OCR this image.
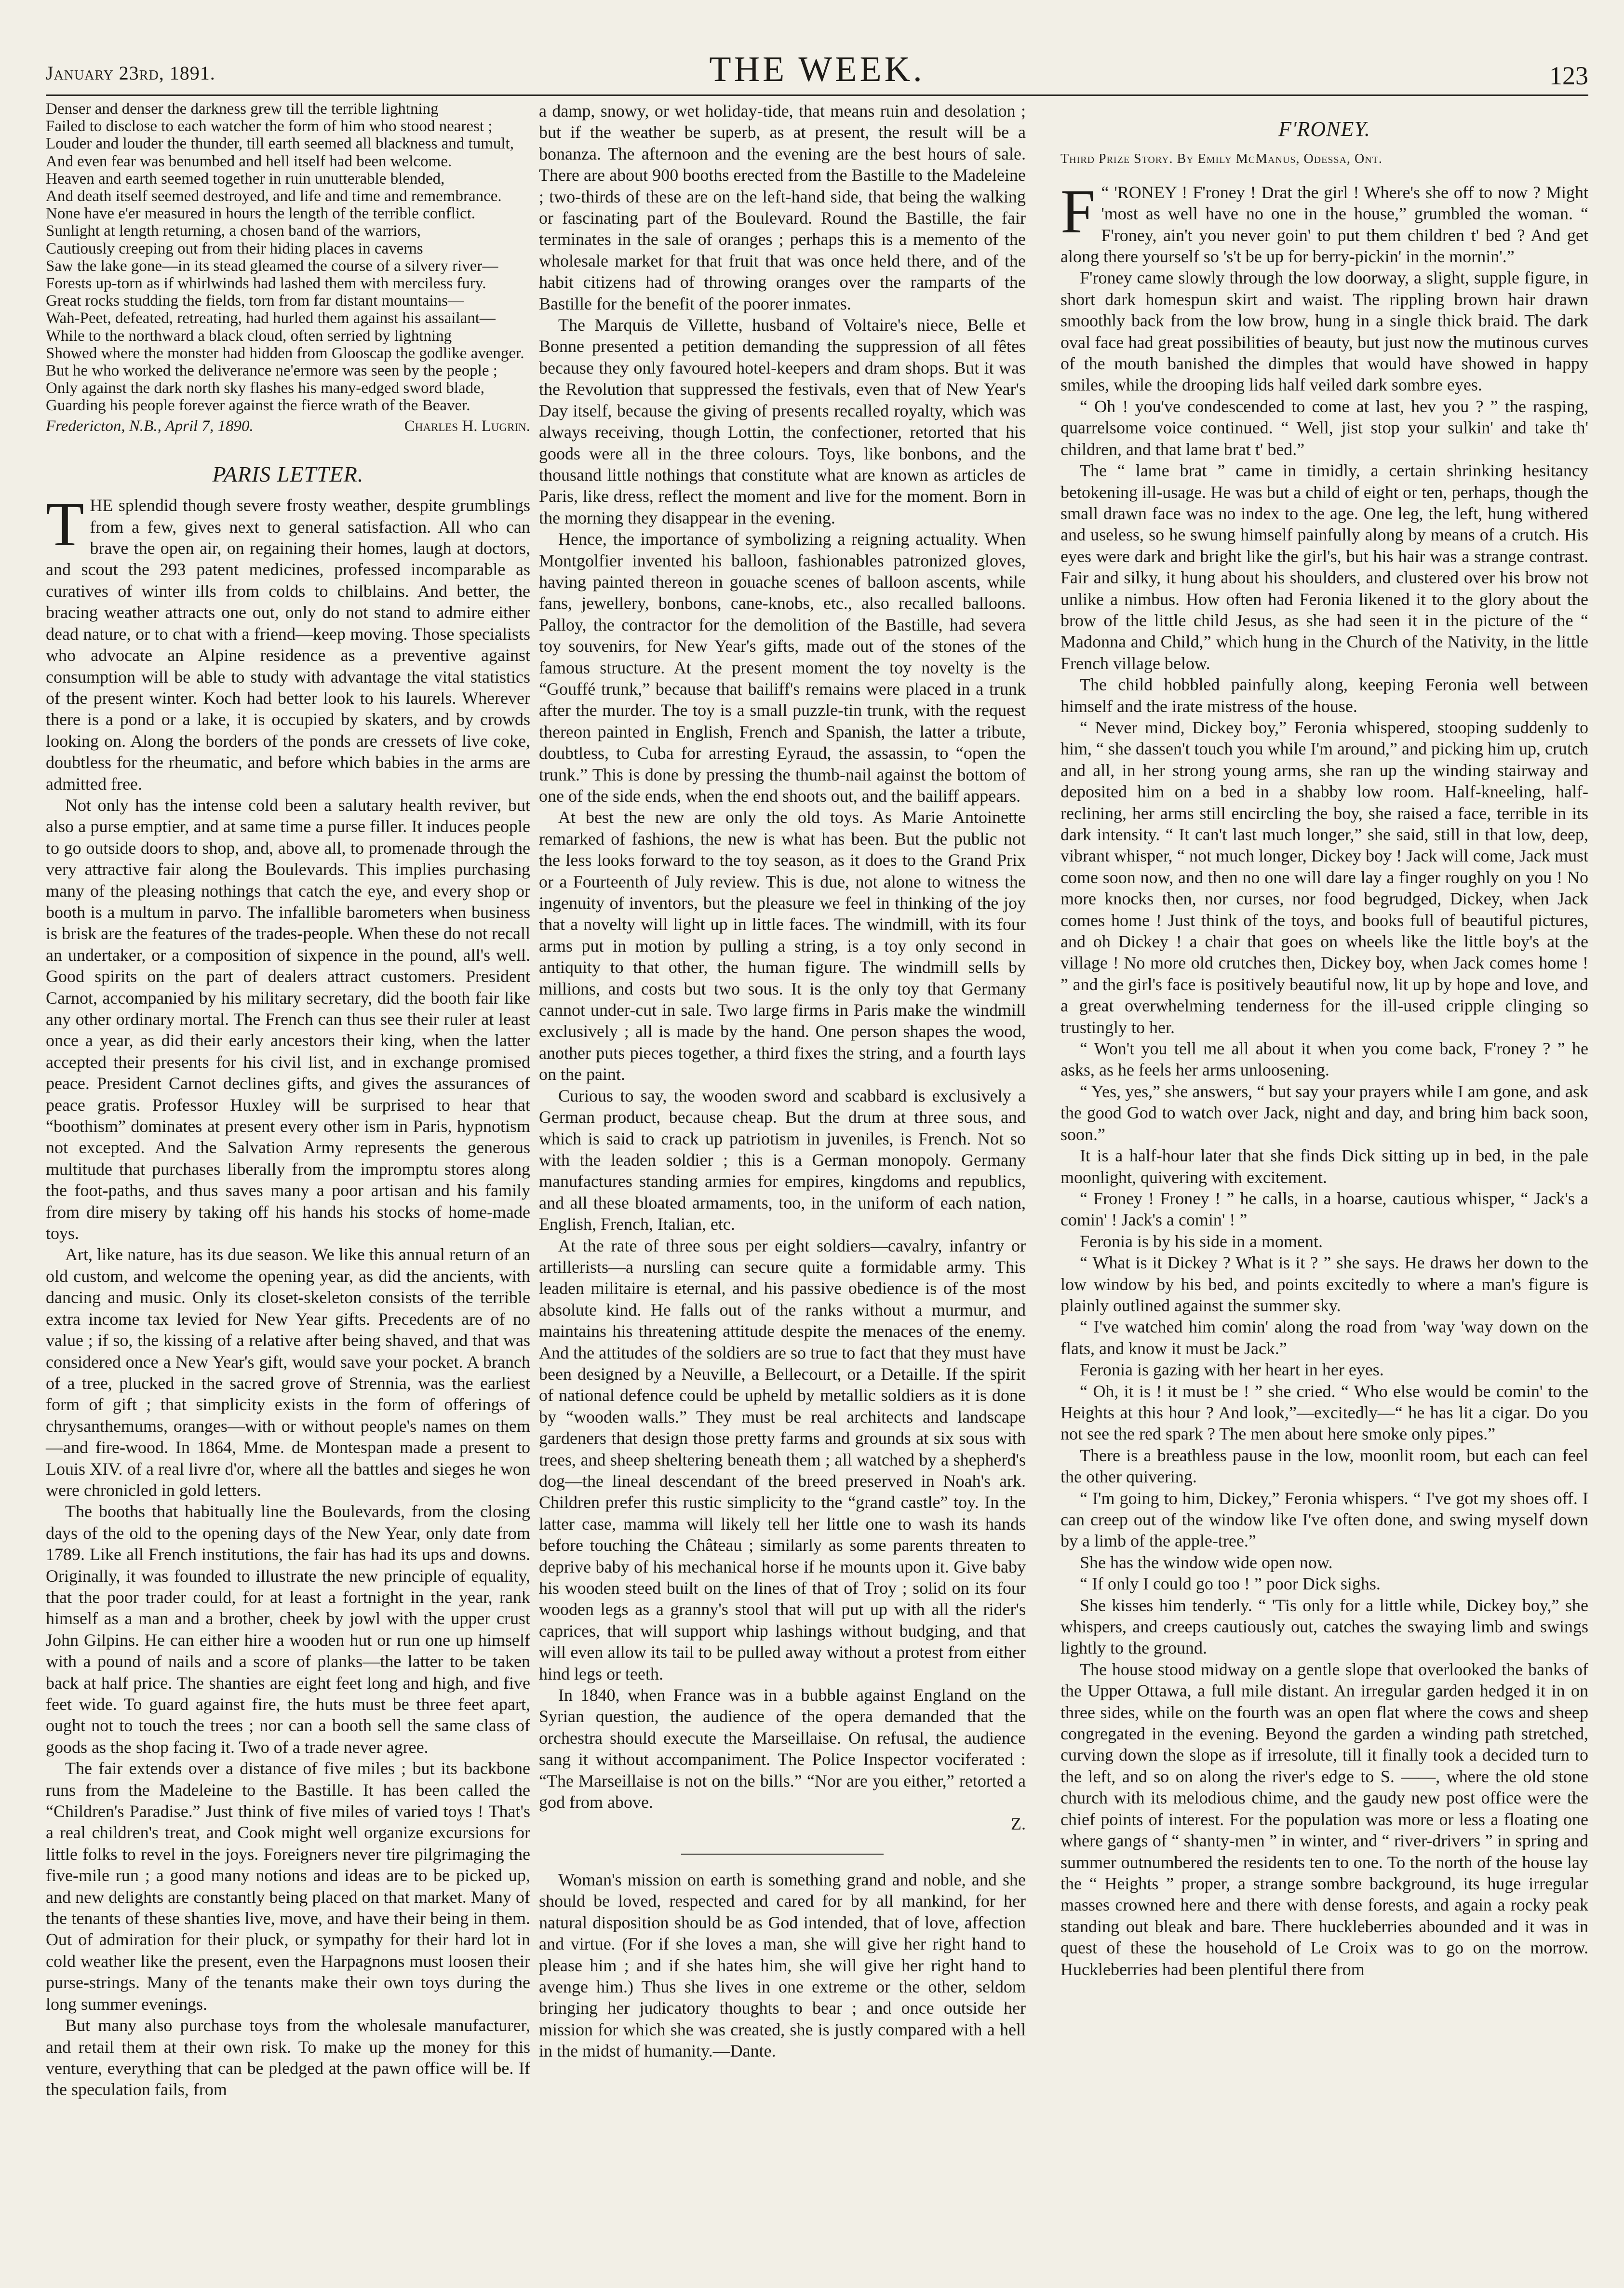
January 23rd, 1891.	THE WEEK.	123
Denser and denser the darkness grew till the terrible lightning
Failed to disclose to each watcher the form of him who stood nearest ;
Louder and louder the thunder, till earth seemed all blackness and tumult,
And even fear was benumbed and hell itself had been welcome.
Heaven and earth seemed together in ruin unutterable blended,
And death itself seemed destroyed, and life and time and remembrance.
None have e'er measured in hours the length of the terrible conflict.
Sunlight at length returning, a chosen band of the warriors,
Cautiously creeping out from their hiding places in caverns
Saw the lake gone—in its stead gleamed the course of a silvery river—
Forests up-torn as if whirlwinds had lashed them with merciless fury.
Great rocks studding the fields, torn from far distant mountains—
Wah-Peet, defeated, retreating, had hurled them against his assailant—
While to the northward a black cloud, often serried by lightning
Showed where the monster had hidden from Glooscap the godlike avenger.
But he who worked the deliverance ne'ermore was seen by the people ;
Only against the dark north sky flashes his many-edged sword blade,
Guarding his people forever against the fierce wrath of the Beaver.
Fredericton, N.B., April 7, 1890.	Charles H. Lugrin.
PARIS LETTER.

THE splendid though severe frosty weather, despite grumblings from a few, gives next to general satisfaction. All who can brave the open air, on regaining their homes, laugh at doctors, and scout the 293 patent medicines, professed incomparable as curatives of winter ills from colds to chilblains. And better, the bracing weather attracts one out, only do not stand to admire either dead nature, or to chat with a friend—keep moving. Those specialists who advocate an Alpine residence as a preventive against consumption will be able to study with advantage the vital statistics of the present winter. Koch had better look to his laurels. Wherever there is a pond or a lake, it is occupied by skaters, and by crowds looking on. Along the borders of the ponds are cressets of live coke, doubtless for the rheumatic, and before which babies in the arms are admitted free.

Not only has the intense cold been a salutary health reviver, but also a purse emptier, and at same time a purse filler. It induces people to go outside doors to shop, and, above all, to promenade through the very attractive fair along the Boulevards. This implies purchasing many of the pleasing nothings that catch the eye, and every shop or booth is a multum in parvo. The infallible barometers when business is brisk are the features of the trades-people. When these do not recall an undertaker, or a composition of sixpence in the pound, all's well. Good spirits on the part of dealers attract customers. President Carnot, accompanied by his military secretary, did the booth fair like any other ordinary mortal. The French can thus see their ruler at least once a year, as did their early ancestors their king, when the latter accepted their presents for his civil list, and in exchange promised peace. President Carnot declines gifts, and gives the assurances of peace gratis. Professor Huxley will be surprised to hear that “boothism” dominates at present every other ism in Paris, hypnotism not excepted. And the Salvation Army represents the generous multitude that purchases liberally from the impromptu stores along the foot-paths, and thus saves many a poor artisan and his family from dire misery by taking off his hands his stocks of home-made toys.

Art, like nature, has its due season. We like this annual return of an old custom, and welcome the opening year, as did the ancients, with dancing and music. Only its closet-skeleton consists of the terrible extra income tax levied for New Year gifts. Precedents are of no value ; if so, the kissing of a relative after being shaved, and that was considered once a New Year's gift, would save your pocket. A branch of a tree, plucked in the sacred grove of Strennia, was the earliest form of gift ; that simplicity exists in the form of offerings of chrysanthemums, oranges—with or without people's names on them—and fire-wood. In 1864, Mme. de Montespan made a present to Louis XIV. of a real livre d'or, where all the battles and sieges he won were chronicled in gold letters.

The booths that habitually line the Boulevards, from the closing days of the old to the opening days of the New Year, only date from 1789. Like all French institutions, the fair has had its ups and downs. Originally, it was founded to illustrate the new principle of equality, that the poor trader could, for at least a fortnight in the year, rank himself as a man and a brother, cheek by jowl with the upper crust John Gilpins. He can either hire a wooden hut or run one up himself with a pound of nails and a score of planks—the latter to be taken back at half price. The shanties are eight feet long and high, and five feet wide. To guard against fire, the huts must be three feet apart, ought not to touch the trees ; nor can a booth sell the same class of goods as the shop facing it. Two of a trade never agree.

The fair extends over a distance of five miles ; but its backbone runs from the Madeleine to the Bastille. It has been called the “Children's Paradise.” Just think of five miles of varied toys ! That's a real children's treat, and Cook might well organize excursions for little folks to revel in the joys. Foreigners never tire pilgrimaging the five-mile run ; a good many notions and ideas are to be picked up, and new delights are constantly being placed on that market. Many of the tenants of these shanties live, move, and have their being in them. Out of admiration for their pluck, or sympathy for their hard lot in cold weather like the present, even the Harpagnons must loosen their purse-strings. Many of the tenants make their own toys during the long summer evenings.

But many also purchase toys from the wholesale manufacturer, and retail them at their own risk. To make up the money for this venture, everything that can be pledged at the pawn office will be. If the speculation fails, from

a damp, snowy, or wet holiday-tide, that means ruin and desolation ; but if the weather be superb, as at present, the result will be a bonanza. The afternoon and the evening are the best hours of sale. There are about 900 booths erected from the Bastille to the Madeleine ; two-thirds of these are on the left-hand side, that being the walking or fascinating part of the Boulevard. Round the Bastille, the fair terminates in the sale of oranges ; perhaps this is a memento of the wholesale market for that fruit that was once held there, and of the habit citizens had of throwing oranges over the ramparts of the Bastille for the benefit of the poorer inmates.

The Marquis de Villette, husband of Voltaire's niece, Belle et Bonne presented a petition demanding the suppression of all fêtes because they only favoured hotel-keepers and dram shops. But it was the Revolution that suppressed the festivals, even that of New Year's Day itself, because the giving of presents recalled royalty, which was always receiving, though Lottin, the confectioner, retorted that his goods were all in the three colours. Toys, like bonbons, and the thousand little nothings that constitute what are known as articles de Paris, like dress, reflect the moment and live for the moment. Born in the morning they disappear in the evening.

Hence, the importance of symbolizing a reigning actuality. When Montgolfier invented his balloon, fashionables patronized gloves, having painted thereon in gouache scenes of balloon ascents, while fans, jewellery, bonbons, cane-knobs, etc., also recalled balloons. Palloy, the contractor for the demolition of the Bastille, had severa toy souvenirs, for New Year's gifts, made out of the stones of the famous structure. At the present moment the toy novelty is the “Gouffé trunk,” because that bailiff's remains were placed in a trunk after the murder. The toy is a small puzzle-tin trunk, with the request thereon painted in English, French and Spanish, the latter a tribute, doubtless, to Cuba for arresting Eyraud, the assassin, to “open the trunk.” This is done by pressing the thumb-nail against the bottom of one of the side ends, when the end shoots out, and the bailiff appears.

At best the new are only the old toys. As Marie Antoinette remarked of fashions, the new is what has been. But the public not the less looks forward to the toy season, as it does to the Grand Prix or a Fourteenth of July review. This is due, not alone to witness the ingenuity of inventors, but the pleasure we feel in thinking of the joy that a novelty will light up in little faces. The windmill, with its four arms put in motion by pulling a string, is a toy only second in antiquity to that other, the human figure. The windmill sells by millions, and costs but two sous. It is the only toy that Germany cannot under-cut in sale. Two large firms in Paris make the windmill exclusively ; all is made by the hand. One person shapes the wood, another puts pieces together, a third fixes the string, and a fourth lays on the paint.

Curious to say, the wooden sword and scabbard is exclusively a German product, because cheap. But the drum at three sous, and which is said to crack up patriotism in juveniles, is French. Not so with the leaden soldier ; this is a German monopoly. Germany manufactures standing armies for empires, kingdoms and republics, and all these bloated armaments, too, in the uniform of each nation, English, French, Italian, etc.

At the rate of three sous per eight soldiers—cavalry, infantry or artillerists—a nursling can secure quite a formidable army. This leaden militaire is eternal, and his passive obedience is of the most absolute kind. He falls out of the ranks without a murmur, and maintains his threatening attitude despite the menaces of the enemy. And the attitudes of the soldiers are so true to fact that they must have been designed by a Neuville, a Bellecourt, or a Detaille. If the spirit of national defence could be upheld by metallic soldiers as it is done by “wooden walls.” They must be real architects and landscape gardeners that design those pretty farms and grounds at six sous with trees, and sheep sheltering beneath them ; all watched by a shepherd's dog—the lineal descendant of the breed preserved in Noah's ark. Children prefer this rustic simplicity to the “grand castle” toy. In the latter case, mamma will likely tell her little one to wash its hands before touching the Château ; similarly as some parents threaten to deprive baby of his mechanical horse if he mounts upon it. Give baby his wooden steed built on the lines of that of Troy ; solid on its four wooden legs as a granny's stool that will put up with all the rider's caprices, that will support whip lashings without budging, and that will even allow its tail to be pulled away without a protest from either hind legs or teeth.

In 1840, when France was in a bubble against England on the Syrian question, the audience of the opera demanded that the orchestra should execute the Marseillaise. On refusal, the audience sang it without accompaniment. The Police Inspector vociferated : “The Marseillaise is not on the bills.” “Nor are you either,” retorted a god from above.

Z.

Woman's mission on earth is something grand and noble, and she should be loved, respected and cared for by all mankind, for her natural disposition should be as God intended, that of love, affection and virtue. (For if she loves a man, she will give her right hand to please him ; and if she hates him, she will give her right hand to avenge him.) Thus she lives in one extreme or the other, seldom bringing her judicatory thoughts to bear ; and once outside her mission for which she was created, she is justly compared with a hell in the midst of humanity.—Dante.

F'RONEY.
Third Prize Story. By Emily McManus, Odessa, Ont.

F “ 'RONEY ! F'roney ! Drat the girl ! Where's she off to now ? Might 'most as well have no one in the house,” grumbled the woman. “ F'roney, ain't you never goin' to put them children t' bed ? And get along there yourself so 's't be up for berry-pickin' in the mornin'.”

F'roney came slowly through the low doorway, a slight, supple figure, in short dark homespun skirt and waist. The rippling brown hair drawn smoothly back from the low brow, hung in a single thick braid. The dark oval face had great possibilities of beauty, but just now the mutinous curves of the mouth banished the dimples that would have showed in happy smiles, while the drooping lids half veiled dark sombre eyes.

“ Oh ! you've condescended to come at last, hev you ? ” the rasping, quarrelsome voice continued. “ Well, jist stop your sulkin' and take th' children, and that lame brat t' bed.”

The “ lame brat ” came in timidly, a certain shrinking hesitancy betokening ill-usage. He was but a child of eight or ten, perhaps, though the small drawn face was no index to the age. One leg, the left, hung withered and useless, so he swung himself painfully along by means of a crutch. His eyes were dark and bright like the girl's, but his hair was a strange contrast. Fair and silky, it hung about his shoulders, and clustered over his brow not unlike a nimbus. How often had Feronia likened it to the glory about the brow of the little child Jesus, as she had seen it in the picture of the “ Madonna and Child,” which hung in the Church of the Nativity, in the little French village below.

The child hobbled painfully along, keeping Feronia well between himself and the irate mistress of the house.

“ Never mind, Dickey boy,” Feronia whispered, stooping suddenly to him, “ she dassen't touch you while I'm around,” and picking him up, crutch and all, in her strong young arms, she ran up the winding stairway and deposited him on a bed in a shabby low room. Half-kneeling, half-reclining, her arms still encircling the boy, she raised a face, terrible in its dark intensity. “ It can't last much longer,” she said, still in that low, deep, vibrant whisper, “ not much longer, Dickey boy ! Jack will come, Jack must come soon now, and then no one will dare lay a finger roughly on you ! No more knocks then, nor curses, nor food begrudged, Dickey, when Jack comes home ! Just think of the toys, and books full of beautiful pictures, and oh Dickey ! a chair that goes on wheels like the little boy's at the village ! No more old crutches then, Dickey boy, when Jack comes home ! ” and the girl's face is positively beautiful now, lit up by hope and love, and a great overwhelming tenderness for the ill-used cripple clinging so trustingly to her.

“ Won't you tell me all about it when you come back, F'roney ? ” he asks, as he feels her arms unloosening.

“ Yes, yes,” she answers, “ but say your prayers while I am gone, and ask the good God to watch over Jack, night and day, and bring him back soon, soon.”

It is a half-hour later that she finds Dick sitting up in bed, in the pale moonlight, quivering with excitement.

“ Froney ! Froney ! ” he calls, in a hoarse, cautious whisper, “ Jack's a comin' ! Jack's a comin' ! ”

Feronia is by his side in a moment.

“ What is it Dickey ? What is it ? ” she says. He draws her down to the low window by his bed, and points excitedly to where a man's figure is plainly outlined against the summer sky.

“ I've watched him comin' along the road from 'way 'way down on the flats, and know it must be Jack.”

Feronia is gazing with her heart in her eyes.

“ Oh, it is ! it must be ! ” she cried. “ Who else would be comin' to the Heights at this hour ? And look,”—excitedly—“ he has lit a cigar. Do you not see the red spark ? The men about here smoke only pipes.”

There is a breathless pause in the low, moonlit room, but each can feel the other quivering.

“ I'm going to him, Dickey,” Feronia whispers. “ I've got my shoes off. I can creep out of the window like I've often done, and swing myself down by a limb of the apple-tree.”

She has the window wide open now.

“ If only I could go too ! ” poor Dick sighs.

She kisses him tenderly. “ 'Tis only for a little while, Dickey boy,” she whispers, and creeps cautiously out, catches the swaying limb and swings lightly to the ground.

The house stood midway on a gentle slope that overlooked the banks of the Upper Ottawa, a full mile distant. An irregular garden hedged it in on three sides, while on the fourth was an open flat where the cows and sheep congregated in the evening. Beyond the garden a winding path stretched, curving down the slope as if irresolute, till it finally took a decided turn to the left, and so on along the river's edge to S. ——, where the old stone church with its melodious chime, and the gaudy new post office were the chief points of interest. For the population was more or less a floating one where gangs of “ shanty-men ” in winter, and “ river-drivers ” in spring and summer outnumbered the residents ten to one. To the north of the house lay the “ Heights ” proper, a strange sombre background, its huge irregular masses crowned here and there with dense forests, and again a rocky peak standing out bleak and bare. There huckleberries abounded and it was in quest of these the household of Le Croix was to go on the morrow. Huckleberries had been plentiful there from
